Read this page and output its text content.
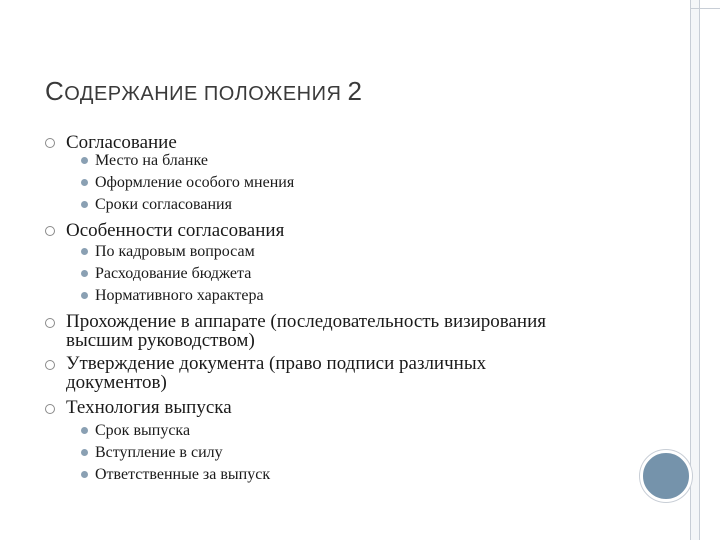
СОДЕРЖАНИЕ ПОЛОЖЕНИЯ 2
Согласование
Место на бланке
Оформление особого мнения
Сроки согласования
Особенности согласования
По кадровым вопросам
Расходование бюджета
Нормативного характера
Прохождение в аппарате (последовательность визирования
высшим руководством)
Утверждение документа (право подписи различных
документов)
Технология выпуска
Срок выпуска
Вступление в силу
Ответственные за выпуск
